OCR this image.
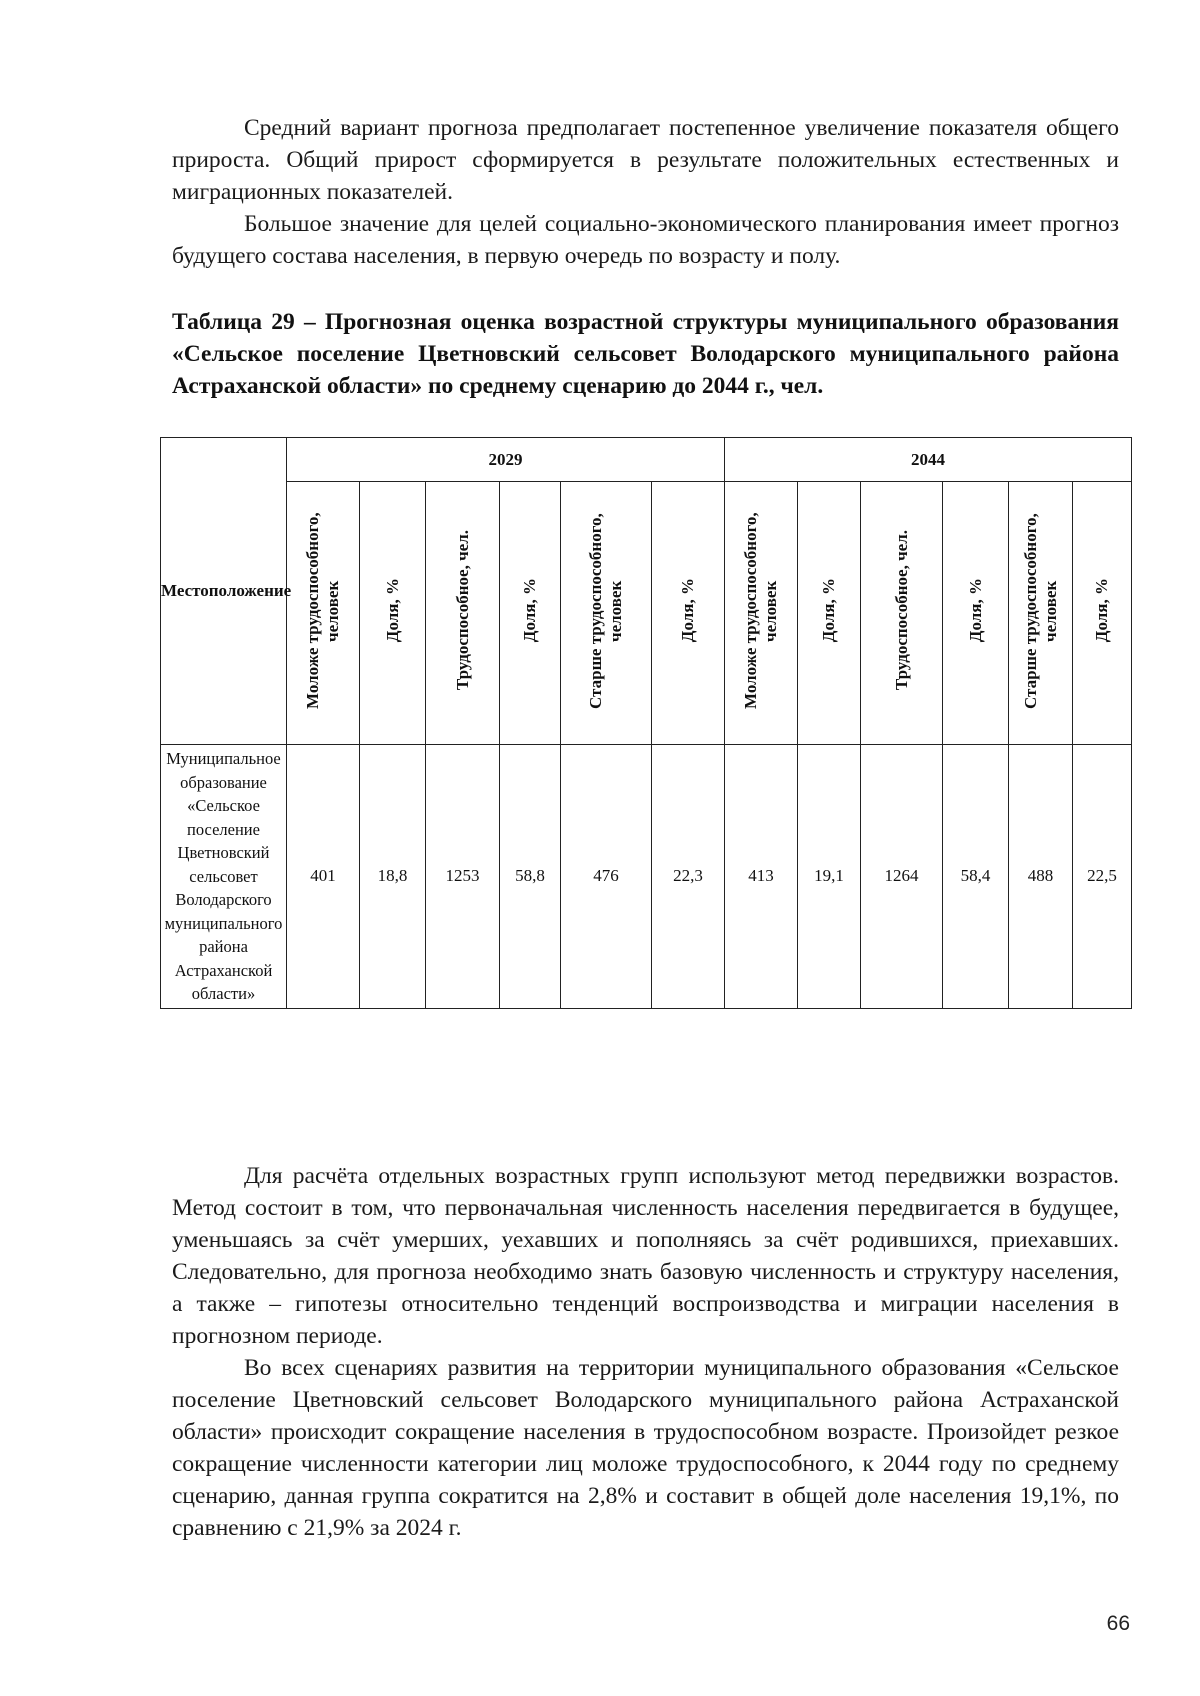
Средний вариант прогноза предполагает постепенное увеличение показателя общего прироста. Общий прирост сформируется в результате положительных естественных и миграционных показателей.

Большое значение для целей социально-экономического планирования имеет прогноз будущего состава населения, в первую очередь по возрасту и полу.

Таблица 29 – Прогнозная оценка возрастной структуры муниципального образования «Сельское поселение Цветновский сельсовет Володарского муниципального района Астраханской области» по среднему сценарию до 2044 г., чел.
Местоположение	2029						2044					
	Моложе трудоспособного, человек	Доля, %	Трудоспособное, чел.	Доля, %	Старше трудоспособного, человек	Доля, %	Моложе трудоспособного, человек	Доля, %	Трудоспособное, чел.	Доля, %	Старше трудоспособного, человек	Доля, %
Муниципальное образование «Сельское поселение Цветновский сельсовет Володарского муниципального района Астраханской области»	401	18,8	1253	58,8	476	22,3	413	19,1	1264	58,4	488	22,5

Для расчёта отдельных возрастных групп используют метод передвижки возрастов. Метод состоит в том, что первоначальная численность населения передвигается в будущее, уменьшаясь за счёт умерших, уехавших и пополняясь за счёт родившихся, приехавших. Следовательно, для прогноза необходимо знать базовую численность и структуру населения, а также – гипотезы относительно тенденций воспроизводства и миграции населения в прогнозном периоде.

Во всех сценариях развития на территории муниципального образования «Сельское поселение Цветновский сельсовет Володарского муниципального района Астраханской области» происходит сокращение населения в трудоспособном возрасте. Произойдет резкое сокращение численности категории лиц моложе трудоспособного, к 2044 году по среднему сценарию, данная группа сократится на 2,8% и составит в общей доле населения 19,1%, по сравнению с 21,9% за 2024 г.

66
